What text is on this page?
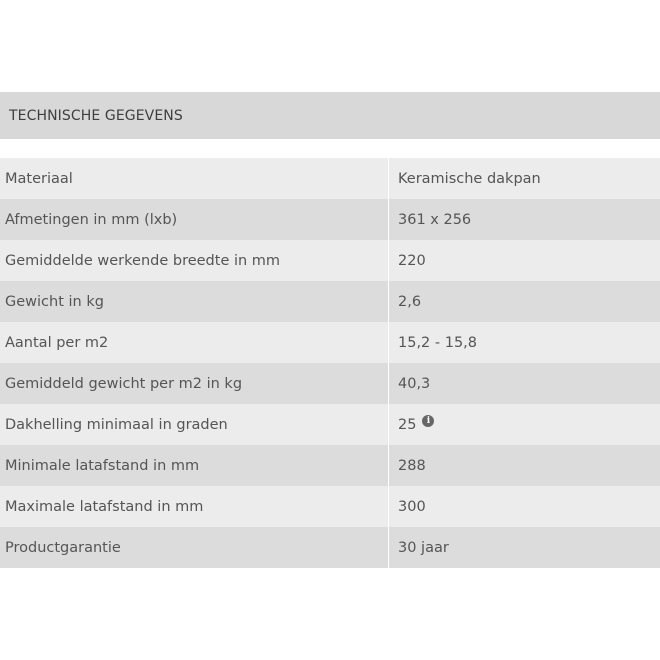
TECHNISCHE GEGEVENS
Materiaal	Keramische dakpan
Afmetingen in mm (lxb)	361 x 256
Gemiddelde werkende breedte in mm	220
Gewicht in kg	2,6
Aantal per m2	15,2 - 15,8
Gemiddeld gewicht per m2 in kg	40,3
Dakhelling minimaal in graden	25 i
Minimale latafstand in mm	288
Maximale latafstand in mm	300
Productgarantie	30 jaar
